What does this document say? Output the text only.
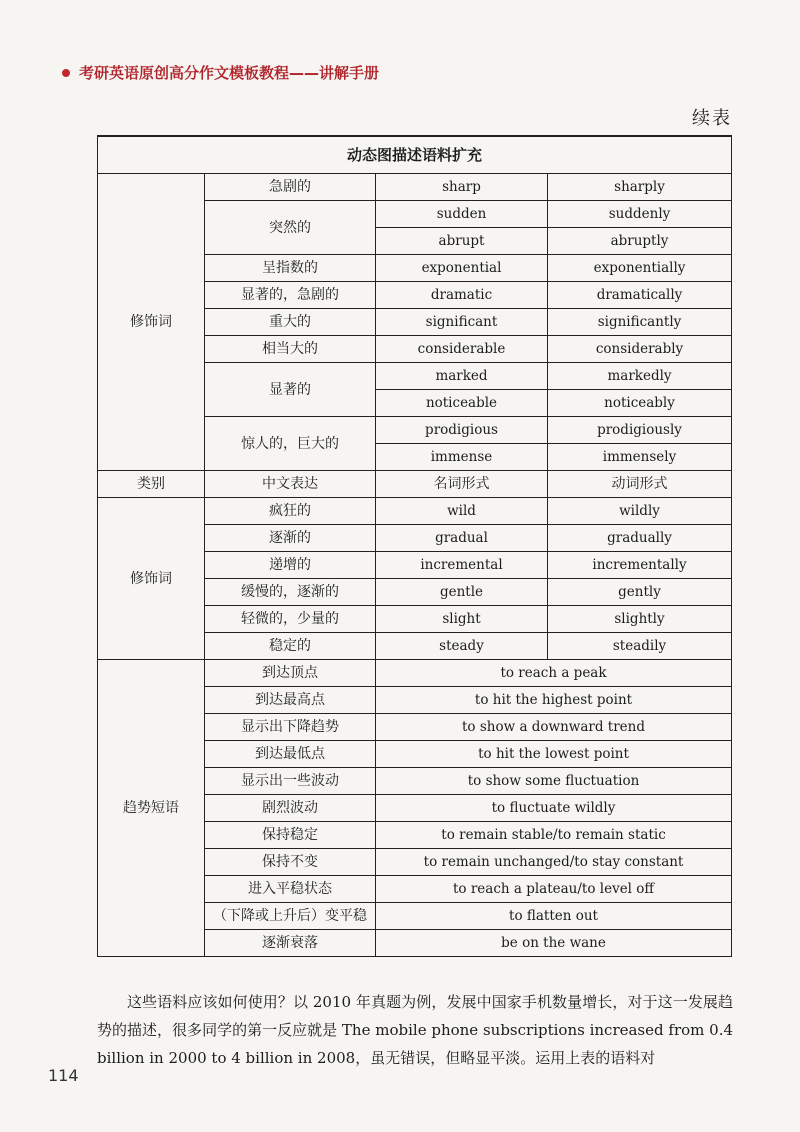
考研英语原创高分作文模板教程——讲解手册
续表
动态图描述语料扩充			
修饰词	急剧的	sharp	sharply
	突然的	sudden	suddenly
		abrupt	abruptly
	呈指数的	exponential	exponentially
	显著的，急剧的	dramatic	dramatically
	重大的	significant	significantly
	相当大的	considerable	considerably
	显著的	marked	markedly
		noticeable	noticeably
	惊人的，巨大的	prodigious	prodigiously
		immense	immensely
类别	中文表达	名词形式	动词形式
修饰词	疯狂的	wild	wildly
	逐渐的	gradual	gradually
	递增的	incremental	incrementally
	缓慢的，逐渐的	gentle	gently
	轻微的，少量的	slight	slightly
	稳定的	steady	steadily
趋势短语	到达顶点	to reach a peak	
	到达最高点	to hit the highest point	
	显示出下降趋势	to show a downward trend	
	到达最低点	to hit the lowest point	
	显示出一些波动	to show some fluctuation	
	剧烈波动	to fluctuate wildly	
	保持稳定	to remain stable/to remain static	
	保持不变	to remain unchanged/to stay constant	
	进入平稳状态	to reach a plateau/to level off	
	（下降或上升后）变平稳	to flatten out	
	逐渐衰落	be on the wane	

这些语料应该如何使用？以 2010 年真题为例，发展中国家手机数量增长，对于这一发展趋势的描述，很多同学的第一反应就是 The mobile phone subscriptions increased from 0.4 billion in 2000 to 4 billion in 2008，虽无错误，但略显平淡。运用上表的语料对

114
